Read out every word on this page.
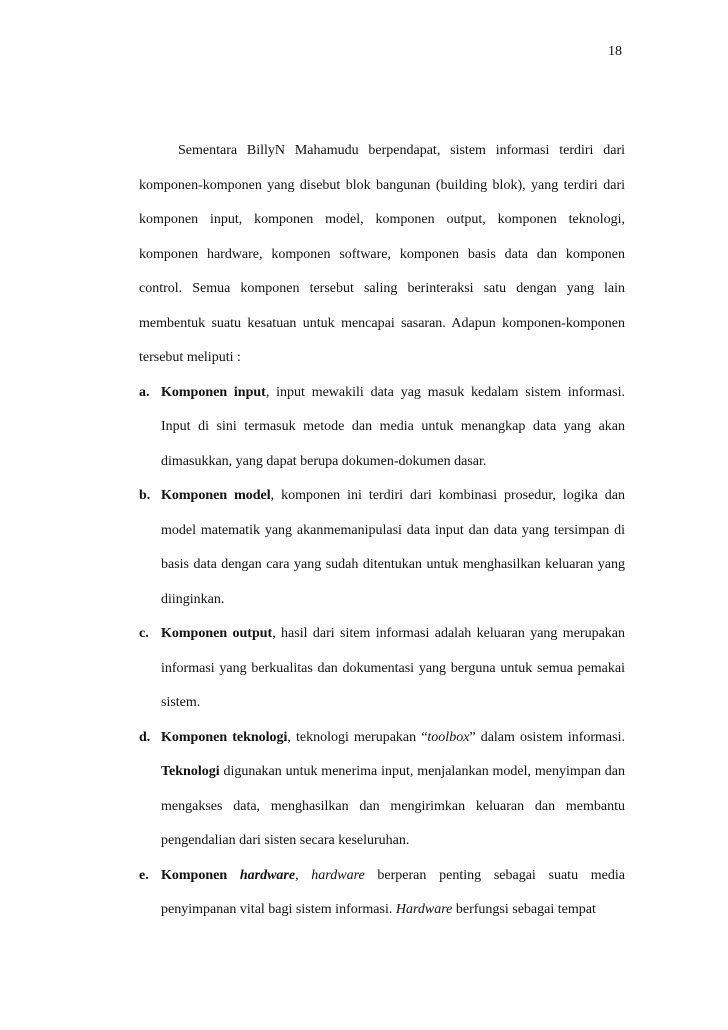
18

Sementara BillyN Mahamudu berpendapat, sistem informasi terdiri dari komponen-komponen yang disebut blok bangunan (building blok), yang terdiri dari komponen input, komponen model, komponen output, komponen teknologi, komponen hardware, komponen software, komponen basis data dan komponen control. Semua komponen tersebut saling berinteraksi satu dengan yang lain membentuk suatu kesatuan untuk mencapai sasaran. Adapun komponen-komponen tersebut meliputi :

a. Komponen input, input mewakili data yag masuk kedalam sistem informasi. Input di sini termasuk metode dan media untuk menangkap data yang akan dimasukkan, yang dapat berupa dokumen-dokumen dasar.
b. Komponen model, komponen ini terdiri dari kombinasi prosedur, logika dan model matematik yang akanmemanipulasi data input dan data yang tersimpan di basis data dengan cara yang sudah ditentukan untuk menghasilkan keluaran yang diinginkan.
c. Komponen output, hasil dari sitem informasi adalah keluaran yang merupakan informasi yang berkualitas dan dokumentasi yang berguna untuk semua pemakai sistem.
d. Komponen teknologi, teknologi merupakan “toolbox” dalam osistem informasi. Teknologi digunakan untuk menerima input, menjalankan model, menyimpan dan mengakses data, menghasilkan dan mengirimkan keluaran dan membantu pengendalian dari sisten secara keseluruhan.
e. Komponen hardware, hardware berperan penting sebagai suatu media penyimpanan vital bagi sistem informasi. Hardware berfungsi sebagai tempat
